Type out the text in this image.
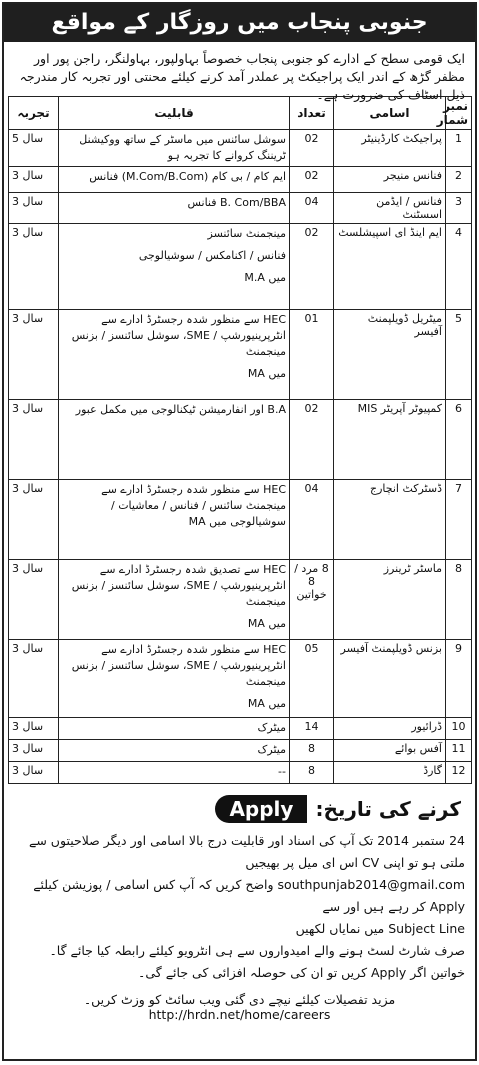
جنوبی پنجاب میں روزگار کے مواقع
ایک قومی سطح کے ادارے کو جنوبی پنجاب خصوصاً بہاولپور، بہاولنگر، راجن پور اور مظفر گڑھ کے اندر ایک پراجیکٹ پر عملدر آمد کرنے کیلئے محنتی اور تجربہ کار مندرجہ ذیل اسٹاف کی ضرورت ہے۔
نمبر شمار	اسامی	تعداد	قابلیت	تجربہ
1	پراجیکٹ کارڈینیٹر	02	سوشل سائنس میں ماسٹر کے ساتھ ووکیشنل ٹریننگ کروانے کا تجربہ ہو	5 سال
2	فنانس منیجر	02	ایم کام / بی کام (M.Com/B.Com) فنانس	3 سال
3	فنانس / ایڈمن اسسٹنٹ	04	B. Com/BBA فنانس	3 سال
4	ایم اینڈ ای اسپیشلسٹ	02	مینجمنٹ سائنسز
فنانس / اکنامکس / سوشیالوجی
میں M.A	3 سال
5	میٹریل ڈویلپمنٹ آفیسر	01	HEC سے منظور شدہ رجسٹرڈ ادارے سے انٹرپرینیورشپ / SME، سوشل سائنسز / بزنس مینجمنٹ
میں MA	3 سال
6	کمپیوٹر آپریٹر MIS	02	B.A اور انفارمیشن ٹیکنالوجی میں مکمل عبور	3 سال
7	ڈسٹرکٹ انچارج	04	HEC سے منظور شدہ رجسٹرڈ ادارے سے مینجمنٹ سائنس / فنانس / معاشیات / سوشیالوجی میں MA	3 سال
8	ماسٹر ٹرینرز	8 مرد / 8 خواتین	HEC سے تصدیق شدہ رجسٹرڈ ادارے سے انٹرپرینیورشپ / SME، سوشل سائنسز / بزنس مینجمنٹ
میں MA	3 سال
9	بزنس ڈویلپمنٹ آفیسر	05	HEC سے منظور شدہ رجسٹرڈ ادارے سے انٹرپرینیورشپ / SME، سوشل سائنسز / بزنس مینجمنٹ
میں MA	3 سال
10	ڈرائیور	14	میٹرک	3 سال
11	آفس بوائے	8	میٹرک	3 سال
12	گارڈ	8	--	3 سال
کرنے کی تاریخ:
Apply
24 ستمبر 2014 تک آپ کی اسناد اور قابلیت درج بالا اسامی اور دیگر صلاحیتوں سے ملتی ہو تو اپنی CV اس ای میل پر بھیجیں
southpunjab2014@gmail.com واضح کریں کہ آپ کس اسامی / پوزیشن کیلئے Apply کر رہے ہیں اور سے
Subject Line میں نمایاں لکھیں
صرف شارٹ لسٹ ہونے والے امیدواروں سے ہی انٹرویو کیلئے رابطہ کیا جائے گا۔ خواتین اگر Apply کریں تو ان کی حوصلہ افزائی کی جائے گی۔
مزید تفصیلات کیلئے نیچے دی گئی ویب سائٹ کو وزٹ کریں۔ http://hrdn.net/home/careers
